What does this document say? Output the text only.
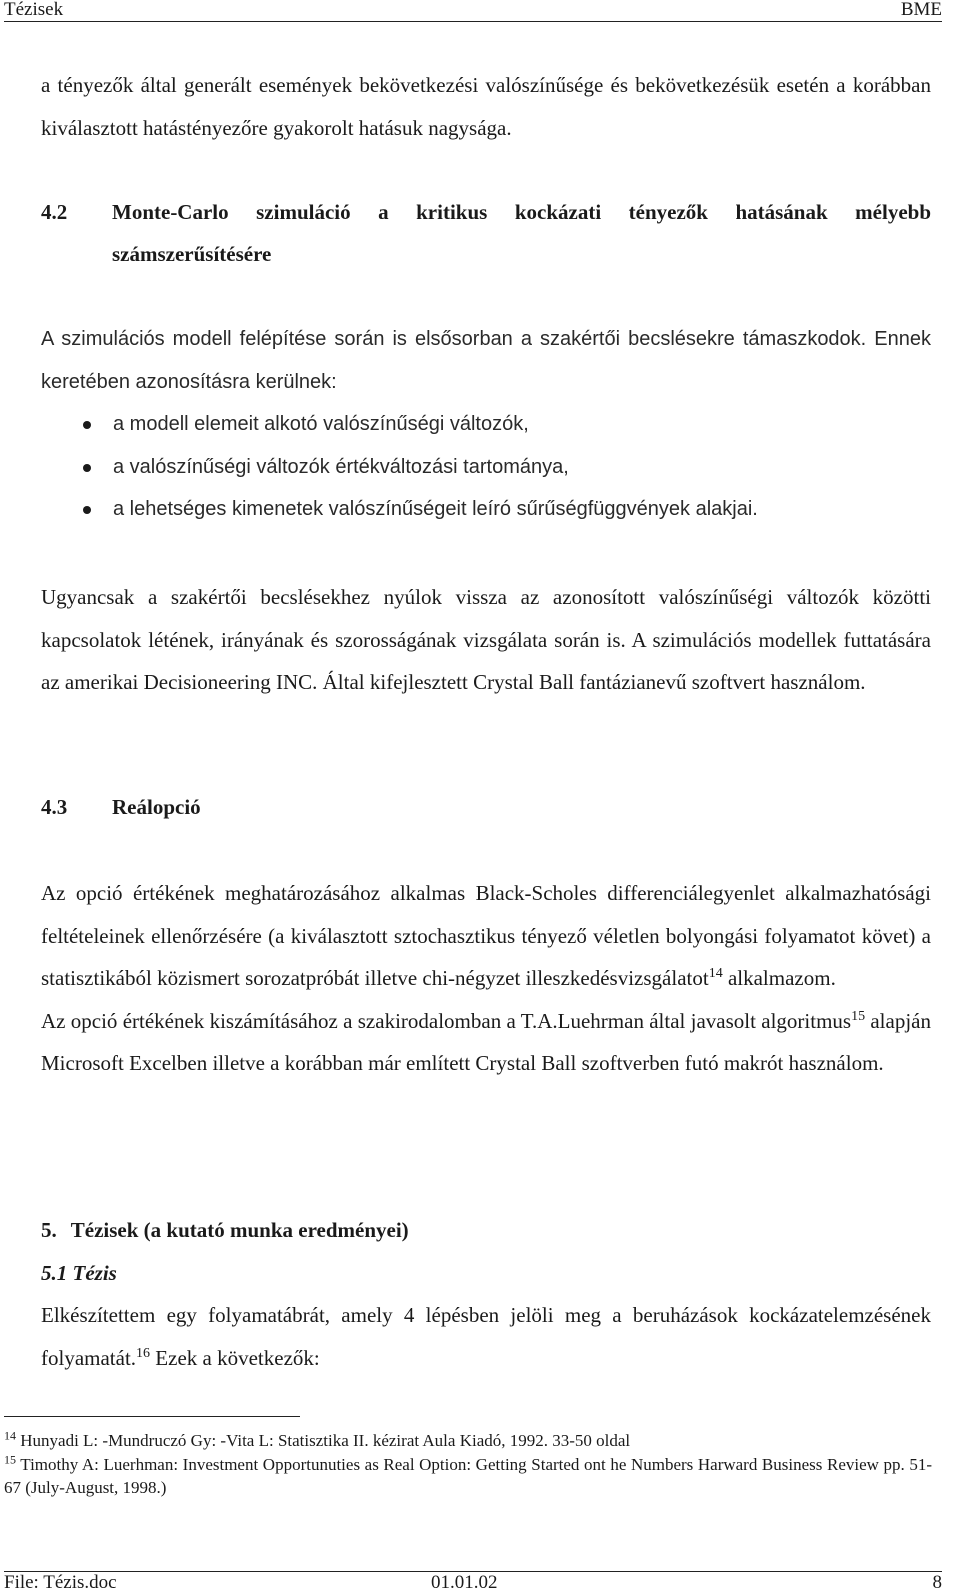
Tézisek	BME

a tényezők által generált események bekövetkezési valószínűsége és bekövetkezésük esetén a korábban kiválasztott hatástényezőre gyakorolt hatásuk nagysága.

4.2	Monte-Carlo szimuláció a kritikus kockázati tényezők hatásának mélyebb számszerűsítésére

A szimulációs modell felépítése során is elsősorban a szakértői becslésekre támaszkodok. Ennek keretében azonosításra kerülnek:

a modell elemeit alkotó valószínűségi változók,
a valószínűségi változók értékváltozási tartománya,
a lehetséges kimenetek valószínűségeit leíró sűrűségfüggvények alakjai.

Ugyancsak a szakértői becslésekhez nyúlok vissza az azonosított valószínűségi változók közötti kapcsolatok létének, irányának és szorosságának vizsgálata során is. A szimulációs modellek futtatására az amerikai Decisioneering INC. Által kifejlesztett Crystal Ball fantázianevű szoftvert használom.

4.3	Reálopció

Az opció értékének meghatározásához alkalmas Black-Scholes differenciálegyenlet alkalmazhatósági feltételeinek ellenőrzésére (a kiválasztott sztochasztikus tényező véletlen bolyongási folyamatot követ) a statisztikából közismert sorozatpróbát illetve chi-négyzet illeszkedésvizsgálatot$^{14}$ alkalmazom.

Az opció értékének kiszámításához a szakirodalomban a T.A.Luehrman által javasolt algoritmus$^{15}$ alapján Microsoft Excelben illetve a korábban már említett Crystal Ball szoftverben futó makrót használom.

5. Tézisek (a kutató munka eredményei)

5.1 Tézis

Elkészítettem egy folyamatábrát, amely 4 lépésben jelöli meg a beruházások kockázatelemzésének folyamatát.$^{16}$ Ezek a következők:

$^{14}$ Hunyadi L: -Mundruczó Gy: -Vita L: Statisztika II. kézirat Aula Kiadó, 1992. 33-50 oldal

$^{15}$ Timothy A: Luerhman: Investment Opportunuties as Real Option: Getting Started ont he Numbers Harward Business Review pp. 51-67 (July-August, 1998.)

File: Tézis.doc	01.01.02	8
